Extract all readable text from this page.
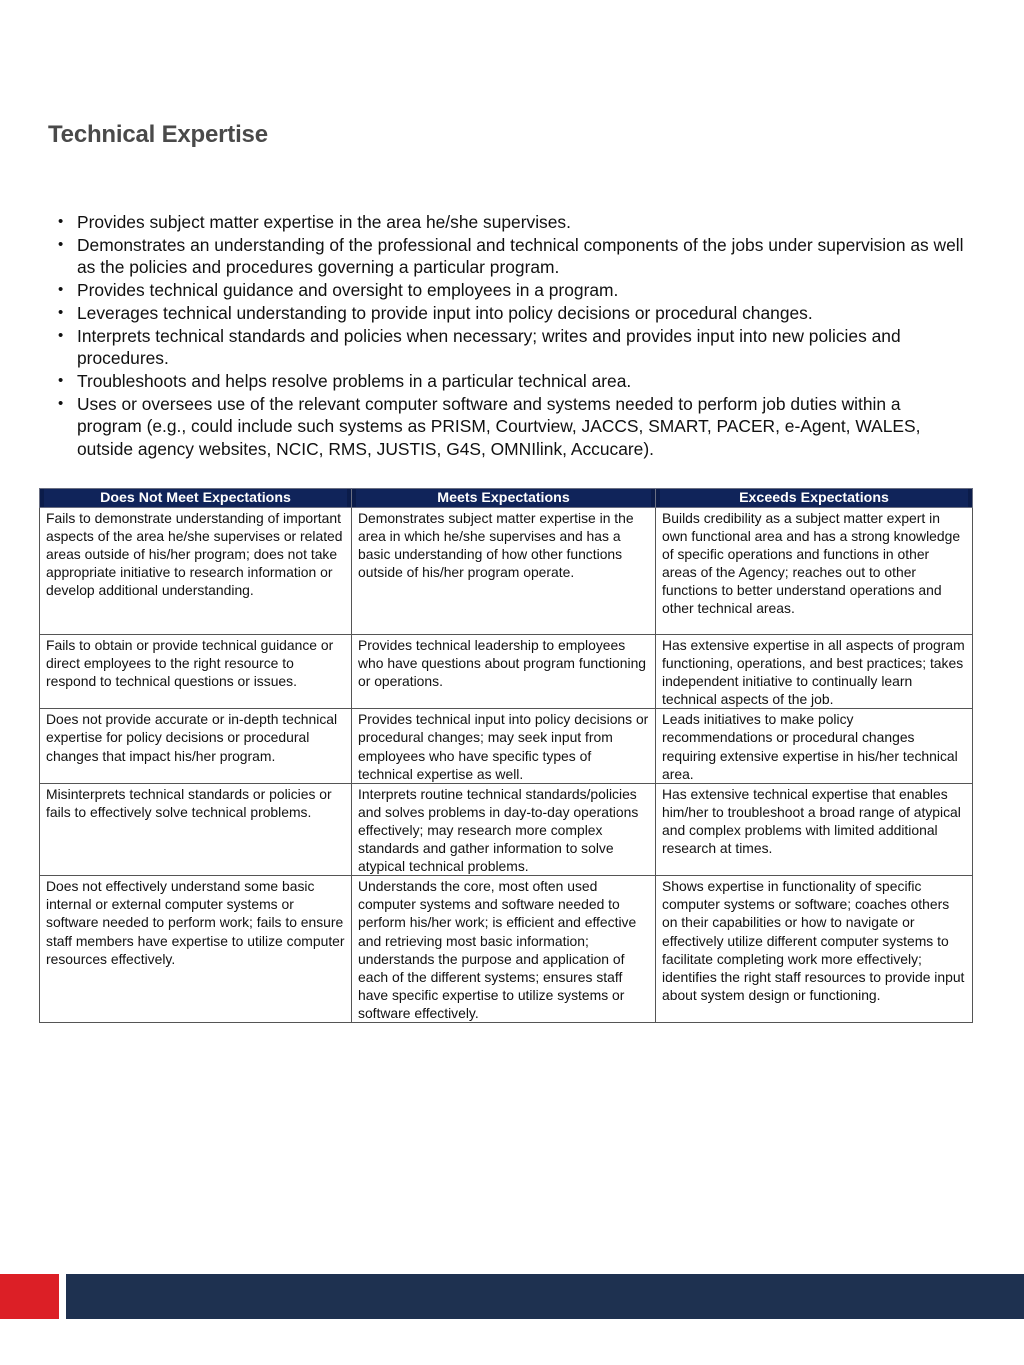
Technical Expertise
• Provides subject matter expertise in the area he/she supervises.
• Demonstrates an understanding of the professional and technical components of the jobs under supervision as well as the policies and procedures governing a particular program.
• Provides technical guidance and oversight to employees in a program.
• Leverages technical understanding to provide input into policy decisions or procedural changes.
• Interprets technical standards and policies when necessary; writes and provides input into new policies and procedures.
• Troubleshoots and helps resolve problems in a particular technical area.
• Uses or oversees use of the relevant computer software and systems needed to perform job duties within a program (e.g., could include such systems as PRISM, Courtview, JACCS, SMART, PACER, e-Agent, WALES, outside agency websites, NCIC, RMS, JUSTIS, G4S, OMNIlink, Accucare).
Does Not Meet Expectations	Meets Expectations	Exceeds Expectations
Fails to demonstrate understanding of important aspects of the area he/she supervises or related areas outside of his/her program; does not take appropriate initiative to research information or develop additional understanding.	Demonstrates subject matter expertise in the area in which he/she supervises and has a basic understanding of how other functions outside of his/her program operate.	Builds credibility as a subject matter expert in own functional area and has a strong knowledge of specific operations and functions in other areas of the Agency; reaches out to other functions to better understand operations and other technical areas.
Fails to obtain or provide technical guidance or direct employees to the right resource to respond to technical questions or issues.	Provides technical leadership to employees who have questions about program functioning or operations.	Has extensive expertise in all aspects of program functioning, operations, and best practices; takes independent initiative to continually learn technical aspects of the job.
Does not provide accurate or in-depth technical expertise for policy decisions or procedural changes that impact his/her program.	Provides technical input into policy decisions or procedural changes; may seek input from employees who have specific types of technical expertise as well.	Leads initiatives to make policy recommendations or procedural changes requiring extensive expertise in his/her technical area.
Misinterprets technical standards or policies or fails to effectively solve technical problems.	Interprets routine technical standards/policies and solves problems in day-to-day operations effectively; may research more complex standards and gather information to solve atypical technical problems.	Has extensive technical expertise that enables him/her to troubleshoot a broad range of atypical and complex problems with limited additional research at times.
Does not effectively understand some basic internal or external computer systems or software needed to perform work; fails to ensure staff members have expertise to utilize computer resources effectively.	Understands the core, most often used computer systems and software needed to perform his/her work; is efficient and effective and retrieving most basic information; understands the purpose and application of each of the different systems; ensures staff have specific expertise to utilize systems or software effectively.	Shows expertise in functionality of specific computer systems or software; coaches others on their capabilities or how to navigate or effectively utilize different computer systems to facilitate completing work more effectively; identifies the right staff resources to provide input about system design or functioning.
